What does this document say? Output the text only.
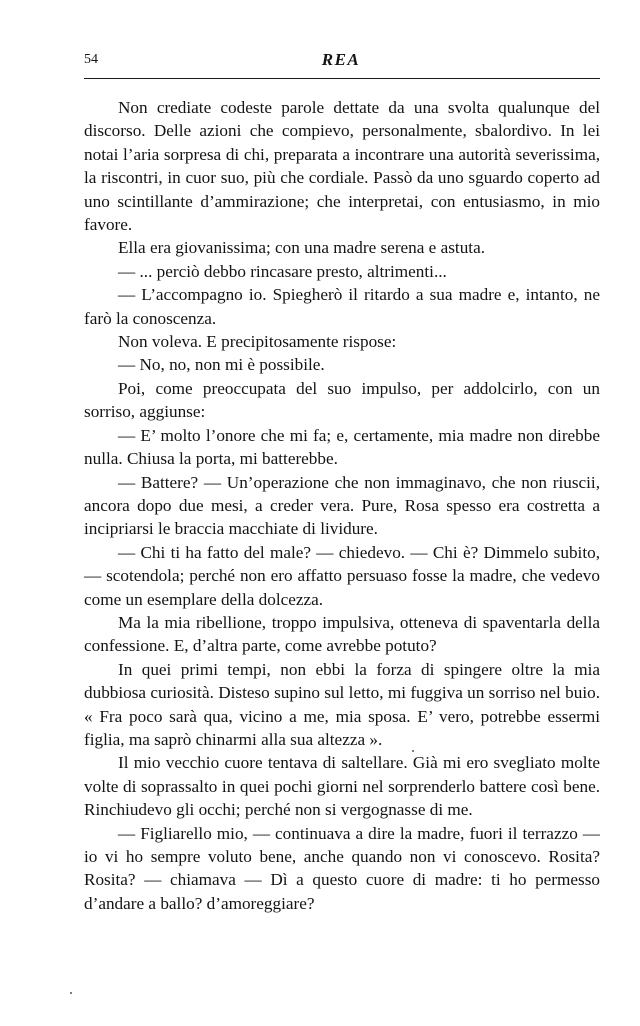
54	REA

Non crediate codeste parole dettate da una svolta qualunque del discorso. Delle azioni che compievo, personalmente, sbalordivo. In lei notai l’aria sorpresa di chi, preparata a incontrare una autorità severissima, la riscontri, in cuor suo, più che cordiale. Passò da uno sguardo coperto ad uno scintillante d’ammirazione; che interpretai, con entusiasmo, in mio favore.

Ella era giovanissima; con una madre serena e astuta.

— ... perciò debbo rincasare presto, altrimenti...

— L’accompagno io. Spiegherò il ritardo a sua madre e, intanto, ne farò la conoscenza.

Non voleva. E precipitosamente rispose:

— No, no, non mi è possibile.

Poi, come preoccupata del suo impulso, per addolcirlo, con un sorriso, aggiunse:

— E’ molto l’onore che mi fa; e, certamente, mia madre non direbbe nulla. Chiusa la porta, mi batterebbe.

— Battere? — Un’operazione che non immaginavo, che non riuscii, ancora dopo due mesi, a creder vera. Pure, Rosa spesso era costretta a incipriarsi le braccia macchiate di lividure.

— Chi ti ha fatto del male? — chiedevo. — Chi è? Dimmelo subito, — scotendola; perché non ero affatto persuaso fosse la madre, che vedevo come un esemplare della dolcezza.

Ma la mia ribellione, troppo impulsiva, otteneva di spaventarla della confessione. E, d’altra parte, come avrebbe potuto?

In quei primi tempi, non ebbi la forza di spingere oltre la mia dubbiosa curiosità. Disteso supino sul letto, mi fuggiva un sorriso nel buio. « Fra poco sarà qua, vicino a me, mia sposa. E’ vero, potrebbe essermi figlia, ma saprò chinarmi alla sua altezza ».

Il mio vecchio cuore tentava di saltellare. Già mi ero svegliato molte volte di soprassalto in quei pochi giorni nel sorprenderlo battere così bene. Rinchiudevo gli occhi; perché non si vergognasse di me.

— Figliarello mio, — continuava a dire la madre, fuori il terrazzo — io vi ho sempre voluto bene, anche quando non vi conoscevo. Rosita? Rosita? — chiamava — Dì a questo cuore di madre: ti ho permesso d’andare a ballo? d’amoreggiare?
